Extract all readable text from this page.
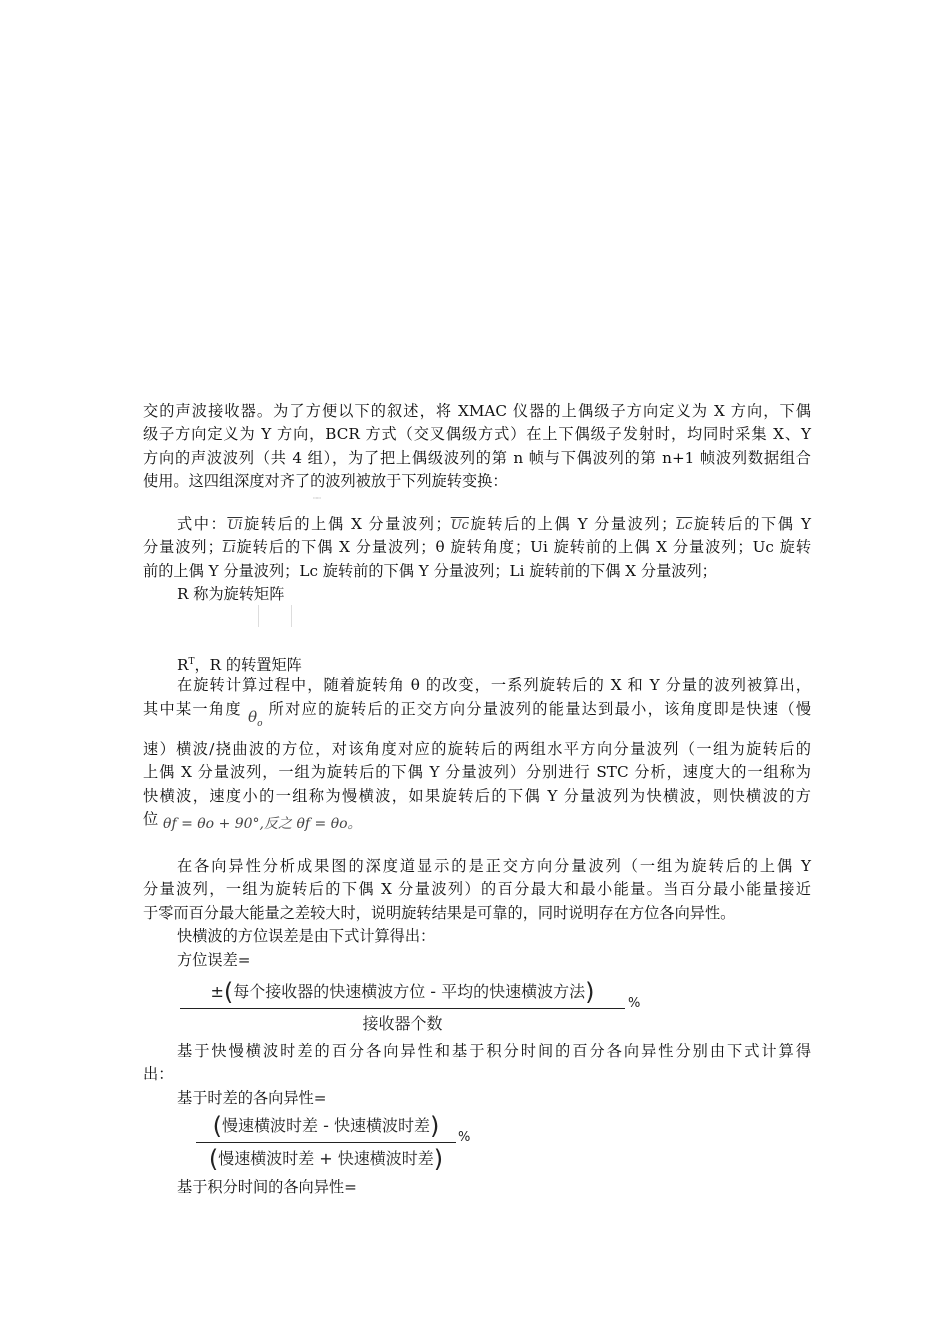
交的声波接收器。为了方便以下的叙述，将 XMAC 仪器的上偶级子方向定义为 X 方向，下偶
级子方向定义为 Y 方向，BCR 方式（交叉偶级方式）在上下偶级子发射时，均同时采集 X、Y
方向的声波波列（共 4 组），为了把上偶级波列的第 n 帧与下偶波列的第 n+1 帧波列数据组合
使用。这四组深度对齐了的波列被放于下列旋转变换：
▫▫▫
式中：$\overline{Ui}$旋转后的上偶 X 分量波列；$\overline{Uc}$旋转后的上偶 Y 分量波列；$\overline{Lc}$旋转后的下偶 Y
分量波列；$\overline{Li}$旋转后的下偶 X 分量波列；θ 旋转角度；Ui 旋转前的上偶 X 分量波列；Uc 旋转
前的上偶 Y 分量波列；Lc 旋转前的下偶 Y 分量波列；Li 旋转前的下偶 X 分量波列；
R 称为旋转矩阵
$R^T$，R 的转置矩阵
在旋转计算过程中，随着旋转角 θ 的改变，一系列旋转后的 X 和 Y 分量的波列被算出，
其中某一角度 $\theta_o$ 所对应的旋转后的正交方向分量波列的能量达到最小，该角度即是快速（慢
速）横波/挠曲波的方位，对该角度对应的旋转后的两组水平方向分量波列（一组为旋转后的
上偶 X 分量波列，一组为旋转后的下偶 Y 分量波列）分别进行 STC 分析，速度大的一组称为
快横波，速度小的一组称为慢横波，如果旋转后的下偶 Y 分量波列为快横波，则快横波的方
位 θf = θo + 90°,反之 θf = θo。
在各向异性分析成果图的深度道显示的是正交方向分量波列（一组为旋转后的上偶 Y
分量波列，一组为旋转后的下偶 X 分量波列）的百分最大和最小能量。当百分最小能量接近
于零而百分最大能量之差较大时，说明旋转结果是可靠的，同时说明存在方位各向异性。
快横波的方位误差是由下式计算得出：
方位误差=
±(每个接收器的快速横波方位 - 平均的快速横波方法)
接收器个数
%
基于快慢横波时差的百分各向异性和基于积分时间的百分各向异性分别由下式计算得
出：
基于时差的各向异性=
(慢速横波时差 - 快速横波时差)
(慢速横波时差 + 快速横波时差)
%
基于积分时间的各向异性=
